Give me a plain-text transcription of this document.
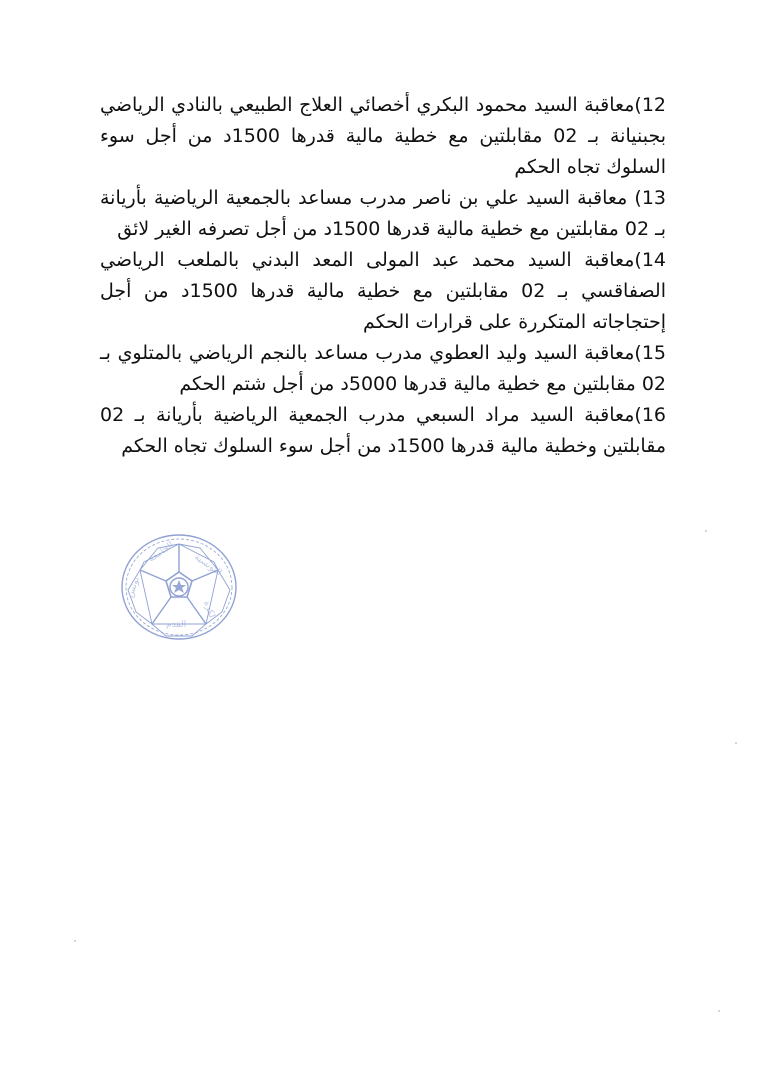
12)معاقبة السيد محمود البكري أخصائي العلاج الطبيعي بالنادي الرياضي بجبنيانة بـ 02 مقابلتين مع خطية مالية قدرها 1500د من أجل سوء السلوك تجاه الحكم

13) معاقبة السيد علي بن ناصر مدرب مساعد بالجمعية الرياضية بأريانة بـ 02 مقابلتين مع خطية مالية قدرها 1500د من أجل تصرفه الغير لائق

14)معاقبة السيد محمد عبد المولى المعد البدني بالملعب الرياضي الصفاقسي بـ 02 مقابلتين مع خطية مالية قدرها 1500د من أجل إحتجاجاته المتكررة على قرارات الحكم

15)معاقبة السيد وليد العطوي مدرب مساعد بالنجم الرياضي بالمتلوي بـ 02 مقابلتين مع خطية مالية قدرها 5000د من أجل شتم الحكم

16)معاقبة السيد مراد السبعي مدرب الجمعية الرياضية بأريانة بـ 02 مقابلتين وخطية مالية قدرها 1500د من أجل سوء السلوك تجاه الحكم

الجامعة التونسية
لكرة
القدم
تونس
